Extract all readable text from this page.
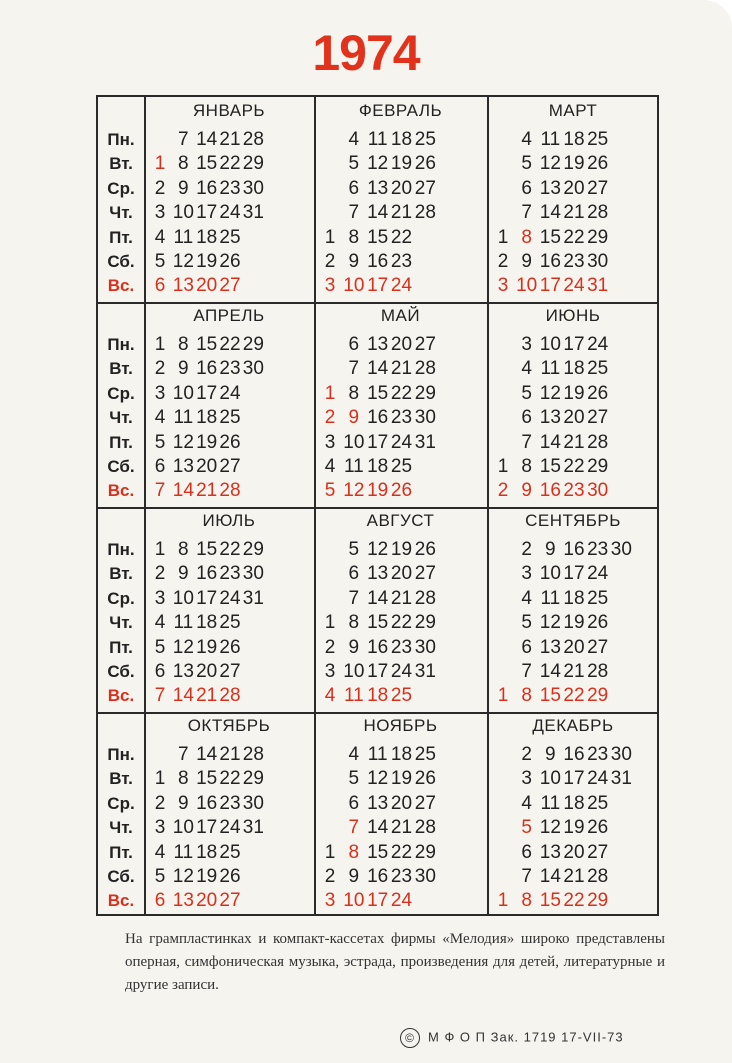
1974
Пн.
Вт.
Ср.
Чт.
Пт.
Сб.
Вс.
ЯНВАРЬ
1
2
3
4
5
6
7
8
9
10
11
12
13
14
15
16
17
18
19
20
21
22
23
24
25
26
27
28
29
30
31
ФЕВРАЛЬ
1
2
3
4
5
6
7
8
9
10
11
12
13
14
15
16
17
18
19
20
21
22
23
24
25
26
27
28
МАРТ
1
2
3
4
5
6
7
8
9
10
11
12
13
14
15
16
17
18
19
20
21
22
23
24
25
26
27
28
29
30
31
Пн.
Вт.
Ср.
Чт.
Пт.
Сб.
Вс.
АПРЕЛЬ
1
2
3
4
5
6
7
8
9
10
11
12
13
14
15
16
17
18
19
20
21
22
23
24
25
26
27
28
29
30
МАЙ
1
2
3
4
5
6
7
8
9
10
11
12
13
14
15
16
17
18
19
20
21
22
23
24
25
26
27
28
29
30
31
ИЮНЬ
1
2
3
4
5
6
7
8
9
10
11
12
13
14
15
16
17
18
19
20
21
22
23
24
25
26
27
28
29
30
Пн.
Вт.
Ср.
Чт.
Пт.
Сб.
Вс.
ИЮЛЬ
1
2
3
4
5
6
7
8
9
10
11
12
13
14
15
16
17
18
19
20
21
22
23
24
25
26
27
28
29
30
31
АВГУСТ
1
2
3
4
5
6
7
8
9
10
11
12
13
14
15
16
17
18
19
20
21
22
23
24
25
26
27
28
29
30
31
СЕНТЯБРЬ
1
2
3
4
5
6
7
8
9
10
11
12
13
14
15
16
17
18
19
20
21
22
23
24
25
26
27
28
29
30
Пн.
Вт.
Ср.
Чт.
Пт.
Сб.
Вс.
ОКТЯБРЬ
1
2
3
4
5
6
7
8
9
10
11
12
13
14
15
16
17
18
19
20
21
22
23
24
25
26
27
28
29
30
31
НОЯБРЬ
1
2
3
4
5
6
7
8
9
10
11
12
13
14
15
16
17
18
19
20
21
22
23
24
25
26
27
28
29
30
ДЕКАБРЬ
1
2
3
4
5
6
7
8
9
10
11
12
13
14
15
16
17
18
19
20
21
22
23
24
25
26
27
28
29
30
31
На грампластинках и компакт-кассетах фирмы «Мелодия» широко представлены оперная, симфоническая музыка, эстрада, произведения для детей, литературные и другие записи.
© М Ф О П Зак. 1719 17-VII-73
